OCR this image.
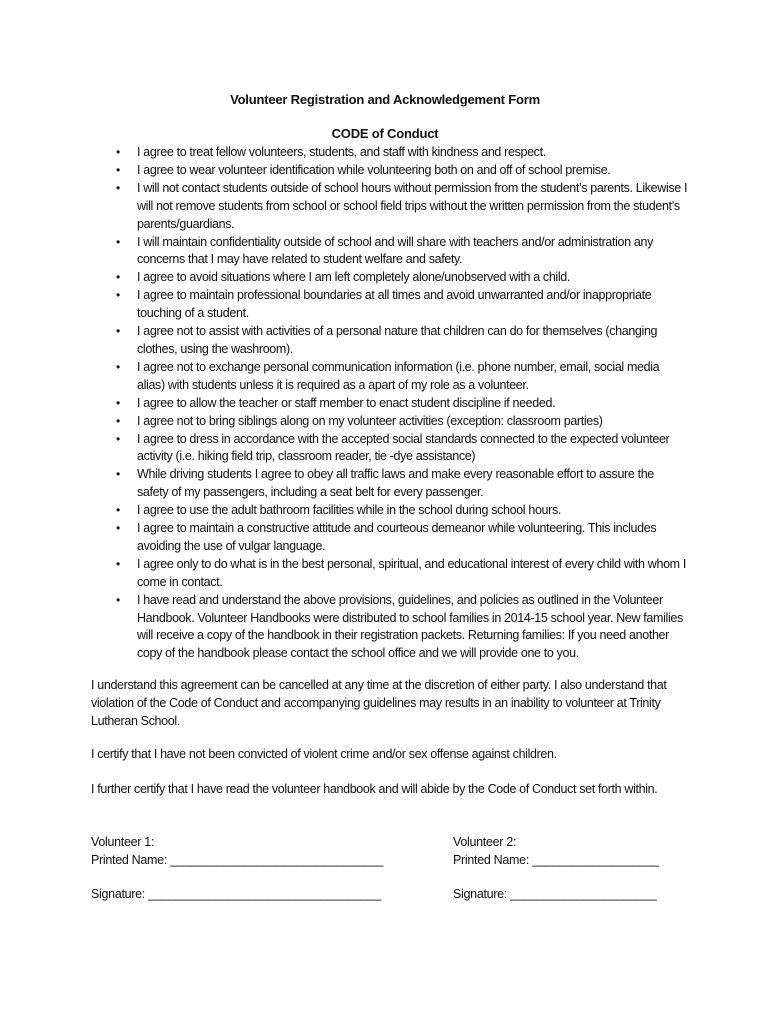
Volunteer Registration and Acknowledgement Form
CODE of Conduct
• I agree to treat fellow volunteers, students, and staff with kindness and respect.
• I agree to wear volunteer identification while volunteering both on and off of school premise.
• I will not contact students outside of school hours without permission from the student’s parents. Likewise I will not remove students from school or school field trips without the written permission from the student’s parents/guardians.
• I will maintain confidentiality outside of school and will share with teachers and/or administration any concerns that I may have related to student welfare and safety.
• I agree to avoid situations where I am left completely alone/unobserved with a child.
• I agree to maintain professional boundaries at all times and avoid unwarranted and/or inappropriate touching of a student.
• I agree not to assist with activities of a personal nature that children can do for themselves (changing clothes, using the washroom).
• I agree not to exchange personal communication information (i.e. phone number, email, social media alias) with students unless it is required as a apart of my role as a volunteer.
• I agree to allow the teacher or staff member to enact student discipline if needed.
• I agree not to bring siblings along on my volunteer activities (exception: classroom parties)
• I agree to dress in accordance with the accepted social standards connected to the expected volunteer activity (i.e. hiking field trip, classroom reader, tie -dye assistance)
• While driving students I agree to obey all traffic laws and make every reasonable effort to assure the safety of my passengers, including a seat belt for every passenger.
• I agree to use the adult bathroom facilities while in the school during school hours.
• I agree to maintain a constructive attitude and courteous demeanor while volunteering. This includes avoiding the use of vulgar language.
• I agree only to do what is in the best personal, spiritual, and educational interest of every child with whom I come in contact.
• I have read and understand the above provisions, guidelines, and policies as outlined in the Volunteer Handbook. Volunteer Handbooks were distributed to school families in 2014-15 school year. New families will receive a copy of the handbook in their registration packets. Returning families: If you need another copy of the handbook please contact the school office and we will provide one to you.

I understand this agreement can be cancelled at any time at the discretion of either party. I also understand that violation of the Code of Conduct and accompanying guidelines may results in an inability to volunteer at Trinity Lutheran School.

I certify that I have not been convicted of violent crime and/or sex offense against children.

I further certify that I have read the volunteer handbook and will abide by the Code of Conduct set forth within.

Volunteer 1:
Printed Name: ________________________________
Signature: ___________________________________
Volunteer 2:
Printed Name: ___________________
Signature: ______________________
